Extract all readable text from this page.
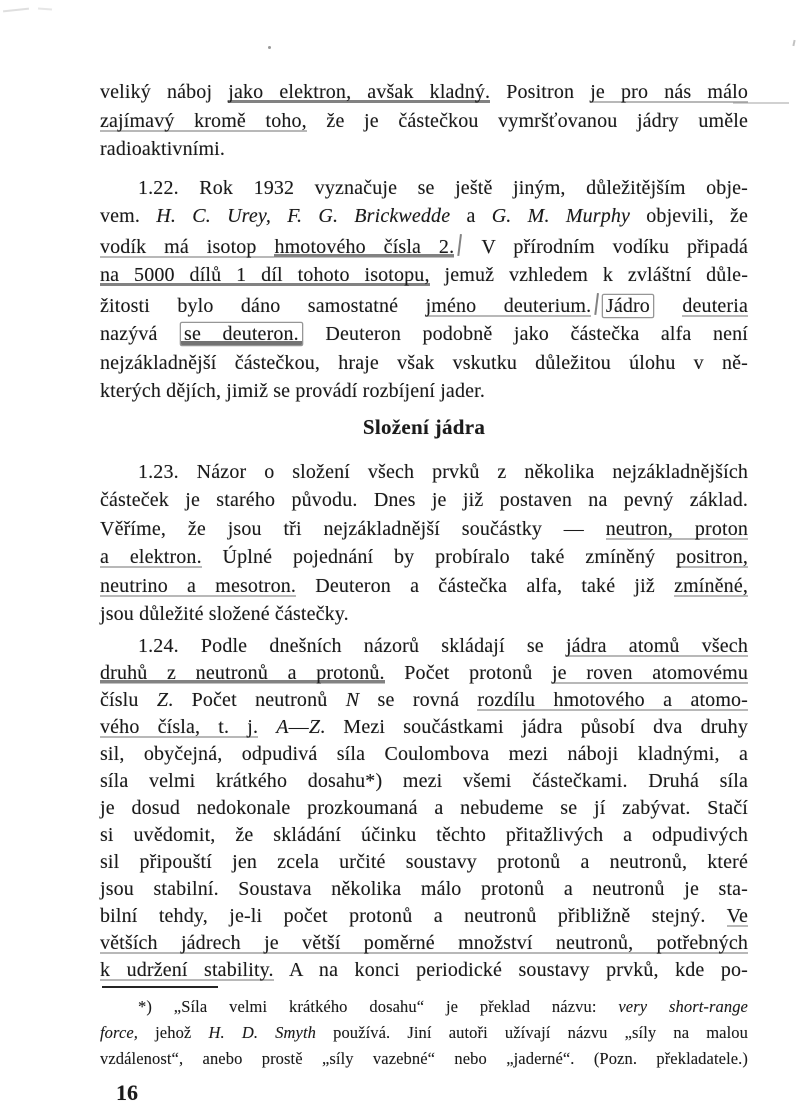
veliký náboj jako elektron, avšak kladný. Positron je pro nás málo
zajímavý kromě toho, že je částečkou vymršťovanou jádry uměle
radioaktivními.
1.22. Rok 1932 vyznačuje se ještě jiným, důležitějším obje-
vem. H. C. Urey, F. G. Brickwedde a G. M. Murphy objevili, že
vodík má isotop hmotového čísla 2. V přírodním vodíku připadá
na 5000 dílů 1 díl tohoto isotopu, jemuž vzhledem k zvláštní důle-
žitosti bylo dáno samostatné jméno deuterium. Jádro deuteria
nazývá se deuteron. Deuteron podobně jako částečka alfa není
nejzákladnější částečkou, hraje však vskutku důležitou úlohu v ně-
kterých dějích, jimiž se provádí rozbíjení jader.
Složení jádra
1.23. Názor o složení všech prvků z několika nejzákladnějších
částeček je starého původu. Dnes je již postaven na pevný základ.
Věříme, že jsou tři nejzákladnější součástky — neutron, proton
a elektron. Úplné pojednání by probíralo také zmíněný positron,
neutrino a mesotron. Deuteron a částečka alfa, také již zmíněné,
jsou důležité složené částečky.
1.24. Podle dnešních názorů skládají se jádra atomů všech
druhů z neutronů a protonů. Počet protonů je roven atomovému
číslu Z. Počet neutronů N se rovná rozdílu hmotového a atomo-
vého čísla, t. j. A—Z. Mezi součástkami jádra působí dva druhy
sil, obyčejná, odpudivá síla Coulombova mezi náboji kladnými, a
síla velmi krátkého dosahu*) mezi všemi částečkami. Druhá síla
je dosud nedokonale prozkoumaná a nebudeme se jí zabývat. Stačí
si uvědomit, že skládání účinku těchto přitažlivých a odpudivých
sil připouští jen zcela určité soustavy protonů a neutronů, které
jsou stabilní. Soustava několika málo protonů a neutronů je sta-
bilní tehdy, je-li počet protonů a neutronů přibližně stejný. Ve
větších jádrech je větší poměrné množství neutronů, potřebných
k udržení stability. A na konci periodické soustavy prvků, kde po-
*) „Síla velmi krátkého dosahu“ je překlad názvu: very short-range
force, jehož H. D. Smyth používá. Jiní autoři užívají názvu „síly na malou
vzdálenost“, anebo prostě „síly vazebné“ nebo „jaderné“. (Pozn. překladatele.)
16
